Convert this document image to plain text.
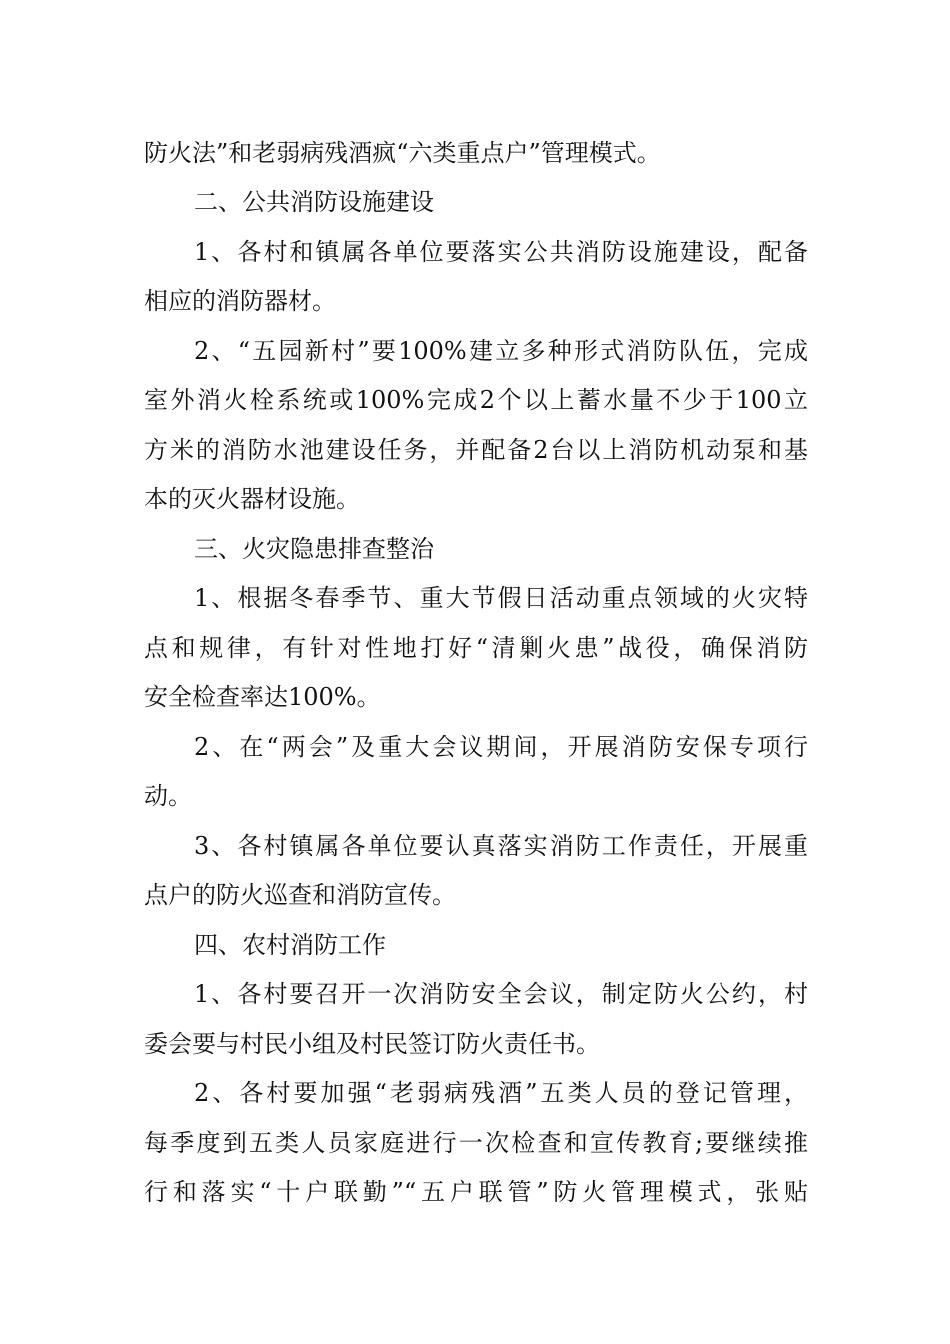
防火法”和老弱病残酒疯“六类重点户”管理模式。
二、公共消防设施建设
1、各村和镇属各单位要落实公共消防设施建设，配备
相应的消防器材。
2、“五园新村”要100%建立多种形式消防队伍，完成
室外消火栓系统或100%完成2个以上蓄水量不少于100立
方米的消防水池建设任务，并配备2台以上消防机动泵和基
本的灭火器材设施。
三、火灾隐患排查整治
1、根据冬春季节、重大节假日活动重点领域的火灾特
点和规律，有针对性地打好“清剿火患”战役，确保消防
安全检查率达100%。
2、在“两会”及重大会议期间，开展消防安保专项行
动。
3、各村镇属各单位要认真落实消防工作责任，开展重
点户的防火巡查和消防宣传。
四、农村消防工作
1、各村要召开一次消防安全会议，制定防火公约，村
委会要与村民小组及村民签订防火责任书。
2、各村要加强“老弱病残酒”五类人员的登记管理，
每季度到五类人员家庭进行一次检查和宣传教育;要继续推
行和落实“十户联勤”“五户联管”防火管理模式，张贴
